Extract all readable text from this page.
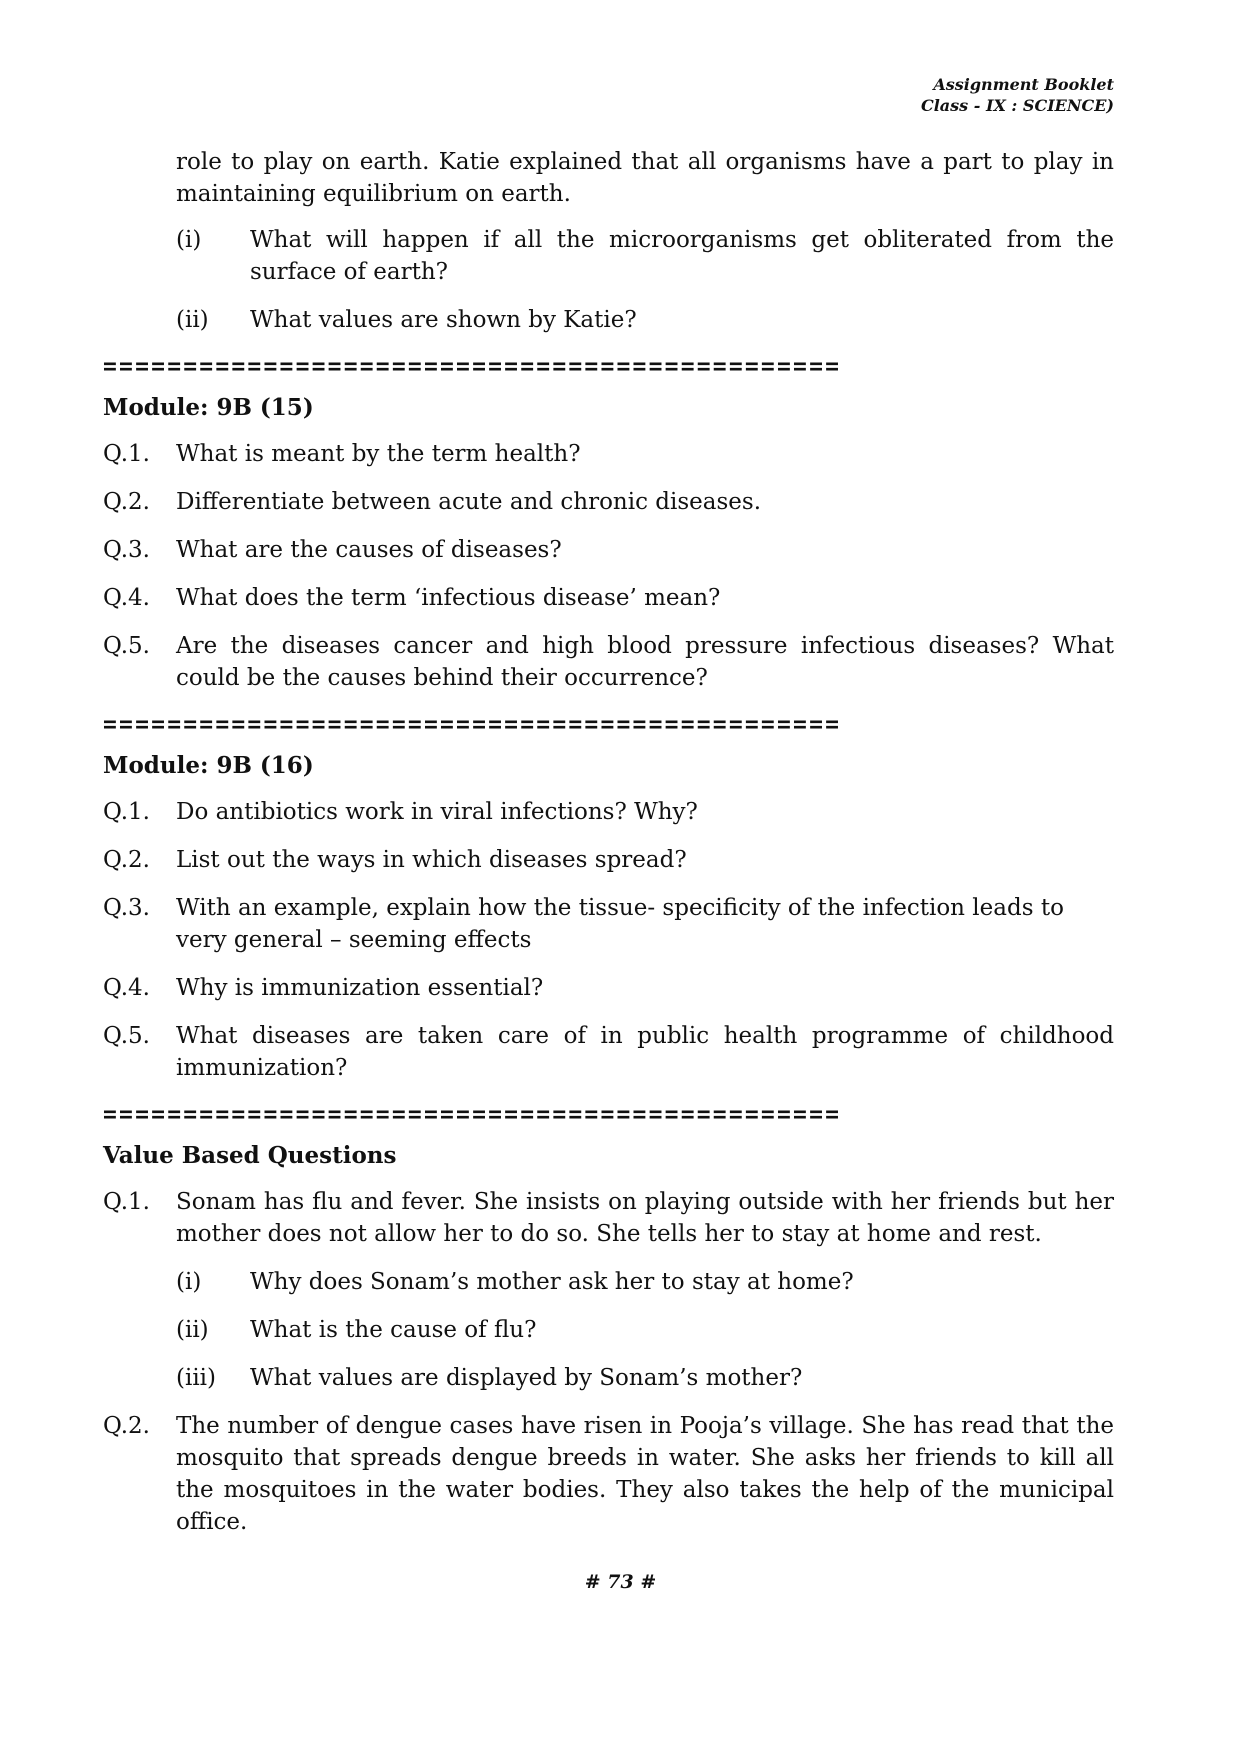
Assignment Booklet
Class - IX : SCIENCE)
role to play on earth. Katie explained that all organisms have a part to play in maintaining equilibrium on earth.
(i)	What will happen if all the microorganisms get obliterated from the surface of earth?
(ii)	What values are shown by Katie?
==============================================
Module: 9B (15)
Q.1.	What is meant by the term health?
Q.2.	Differentiate between acute and chronic diseases.
Q.3.	What are the causes of diseases?
Q.4.	What does the term ‘infectious disease’ mean?
Q.5.	Are the diseases cancer and high blood pressure infectious diseases? What could be the causes behind their occurrence?
==============================================
Module: 9B (16)
Q.1.	Do antibiotics work in viral infections? Why?
Q.2.	List out the ways in which diseases spread?
Q.3.	With an example, explain how the tissue- specificity of the infection leads to very general – seeming effects
Q.4.	Why is immunization essential?
Q.5.	What diseases are taken care of in public health programme of childhood immunization?
==============================================
Value Based Questions
Q.1.	Sonam has flu and fever. She insists on playing outside with her friends but her mother does not allow her to do so. She tells her to stay at home and rest.
(i)	Why does Sonam’s mother ask her to stay at home?
(ii)	What is the cause of flu?
(iii)	What values are displayed by Sonam’s mother?
Q.2.	The number of dengue cases have risen in Pooja’s village. She has read that the mosquito that spreads dengue breeds in water. She asks her friends to kill all the mosquitoes in the water bodies. They also takes the help of the municipal office.
# 73 #
